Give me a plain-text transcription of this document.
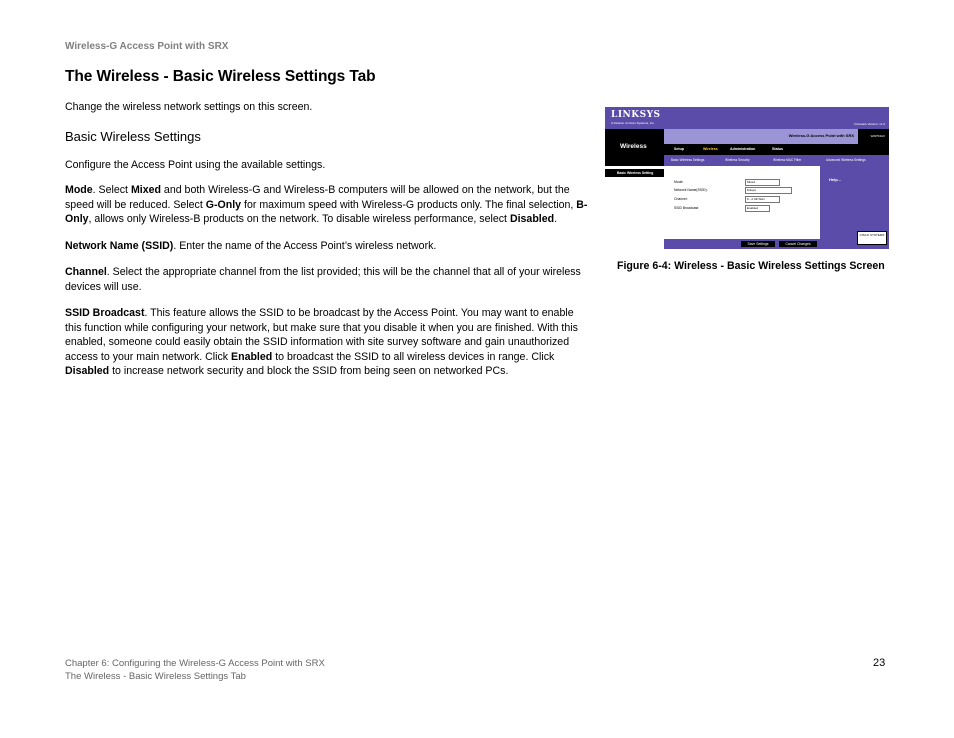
Wireless-G Access Point with SRX
The Wireless - Basic Wireless Settings Tab

Change the wireless network settings on this screen.

Basic Wireless Settings

Configure the Access Point using the available settings.

Mode. Select Mixed and both Wireless-G and Wireless-B computers will be allowed on the network, but the speed will be reduced. Select G-Only for maximum speed with Wireless-G products only. The final selection, B-Only, allows only Wireless-B products on the network. To disable wireless performance, select Disabled.

Network Name (SSID). Enter the name of the Access Point’s wireless network.

Channel. Select the appropriate channel from the list provided; this will be the channel that all of your wireless devices will use.

SSID Broadcast. This feature allows the SSID to be broadcast by the Access Point. You may want to enable this function while configuring your network, but make sure that you disable it when you are finished. With this enabled, someone could easily obtain the SSID information with site survey software and gain unauthorized access to your main network. Click Enabled to broadcast the SSID to all wireless devices in range. Click Disabled to increase network security and block the SSID from being seen on networked PCs.

LINKSYS
A Division of Cisco Systems, Inc.	Firmware Version: v1.0
Wireless
Wireless-G Access Point with SRX	WAP54GX
Setup	Wireless	Administration	Status
Basic Wireless Settings	Wireless Security	Wireless MAC Filter	Advanced Wireless Settings
Basic Wireless Setting
Mode:	Mixed
Network Name(SSID):	linksys
Channel:	6 - 2.437GHz
SSID Broadcast:	Enabled
Help...
CISCO SYSTEMS
Save Settings	Cancel Changes
Figure 6-4: Wireless - Basic Wireless Settings Screen
Chapter 6: Configuring the Wireless-G Access Point with SRX
The Wireless - Basic Wireless Settings Tab
23
